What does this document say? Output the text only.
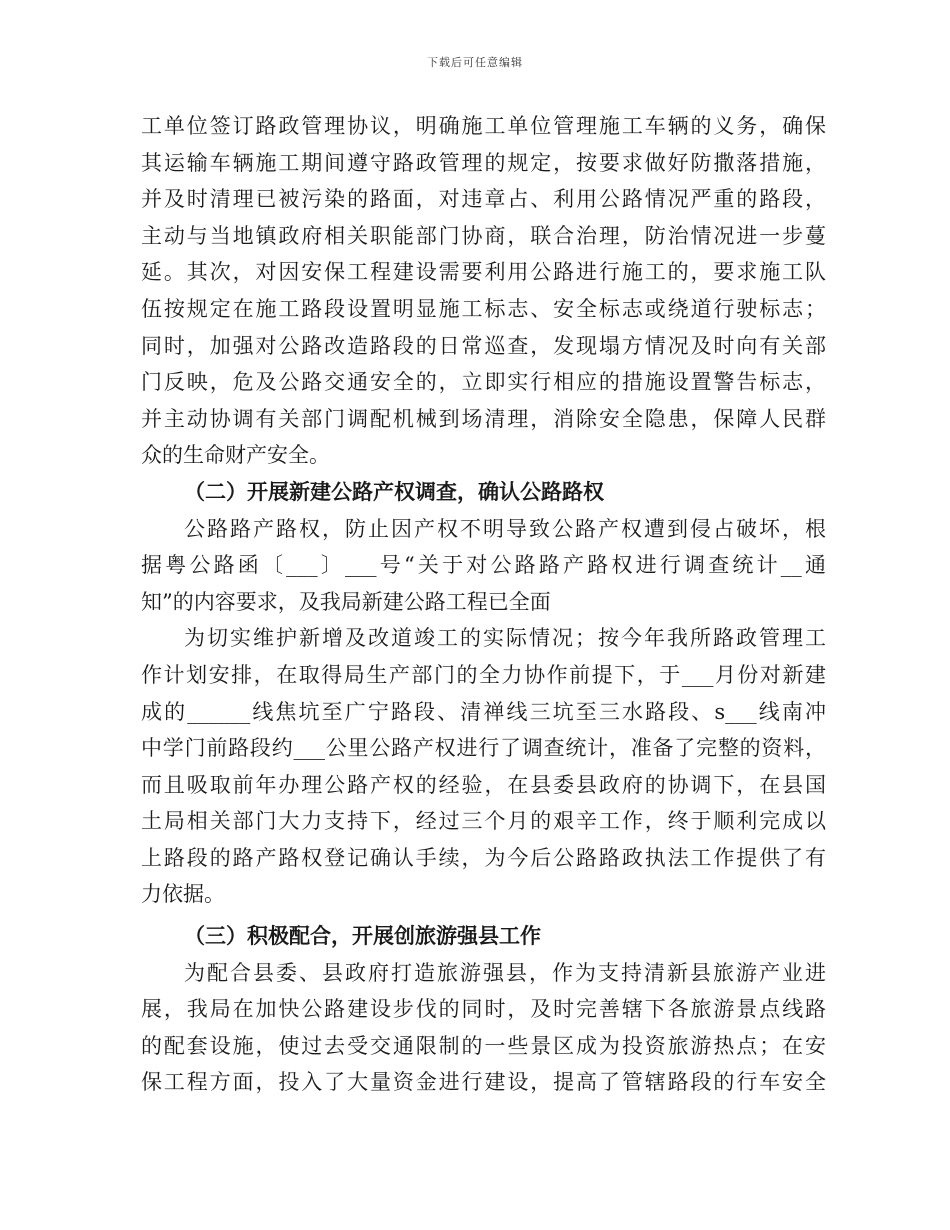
下载后可任意编辑
工单位签订路政管理协议，明确施工单位管理施工车辆的义务，确保
其运输车辆施工期间遵守路政管理的规定，按要求做好防撒落措施，
并及时清理已被污染的路面，对违章占、利用公路情况严重的路段，
主动与当地镇政府相关职能部门协商，联合治理，防治情况进一步蔓
延。其次，对因安保工程建设需要利用公路进行施工的，要求施工队
伍按规定在施工路段设置明显施工标志、安全标志或绕道行驶标志；
同时，加强对公路改造路段的日常巡查，发现塌方情况及时向有关部
门反映，危及公路交通安全的，立即实行相应的措施设置警告标志，
并主动协调有关部门调配机械到场清理，消除安全隐患，保障人民群
众的生命财产安全。
（二）开展新建公路产权调查，确认公路路权
公路路产路权，防止因产权不明导致公路产权遭到侵占破坏，根
据粤公路函〔___〕___号“关于对公路路产路权进行调查统计__通
知”的内容要求，及我局新建公路工程已全面
为切实维护新增及改道竣工的实际情况；按今年我所路政管理工
作计划安排，在取得局生产部门的全力协作前提下，于___月份对新建
成的______线焦坑至广宁路段、清禅线三坑至三水路段、s___线南冲
中学门前路段约___公里公路产权进行了调查统计，准备了完整的资料，
而且吸取前年办理公路产权的经验，在县委县政府的协调下，在县国
土局相关部门大力支持下，经过三个月的艰辛工作，终于顺利完成以
上路段的路产路权登记确认手续，为今后公路路政执法工作提供了有
力依据。
（三）积极配合，开展创旅游强县工作
为配合县委、县政府打造旅游强县，作为支持清新县旅游产业进
展，我局在加快公路建设步伐的同时，及时完善辖下各旅游景点线路
的配套设施，使过去受交通限制的一些景区成为投资旅游热点；在安
保工程方面，投入了大量资金进行建设，提高了管辖路段的行车安全
